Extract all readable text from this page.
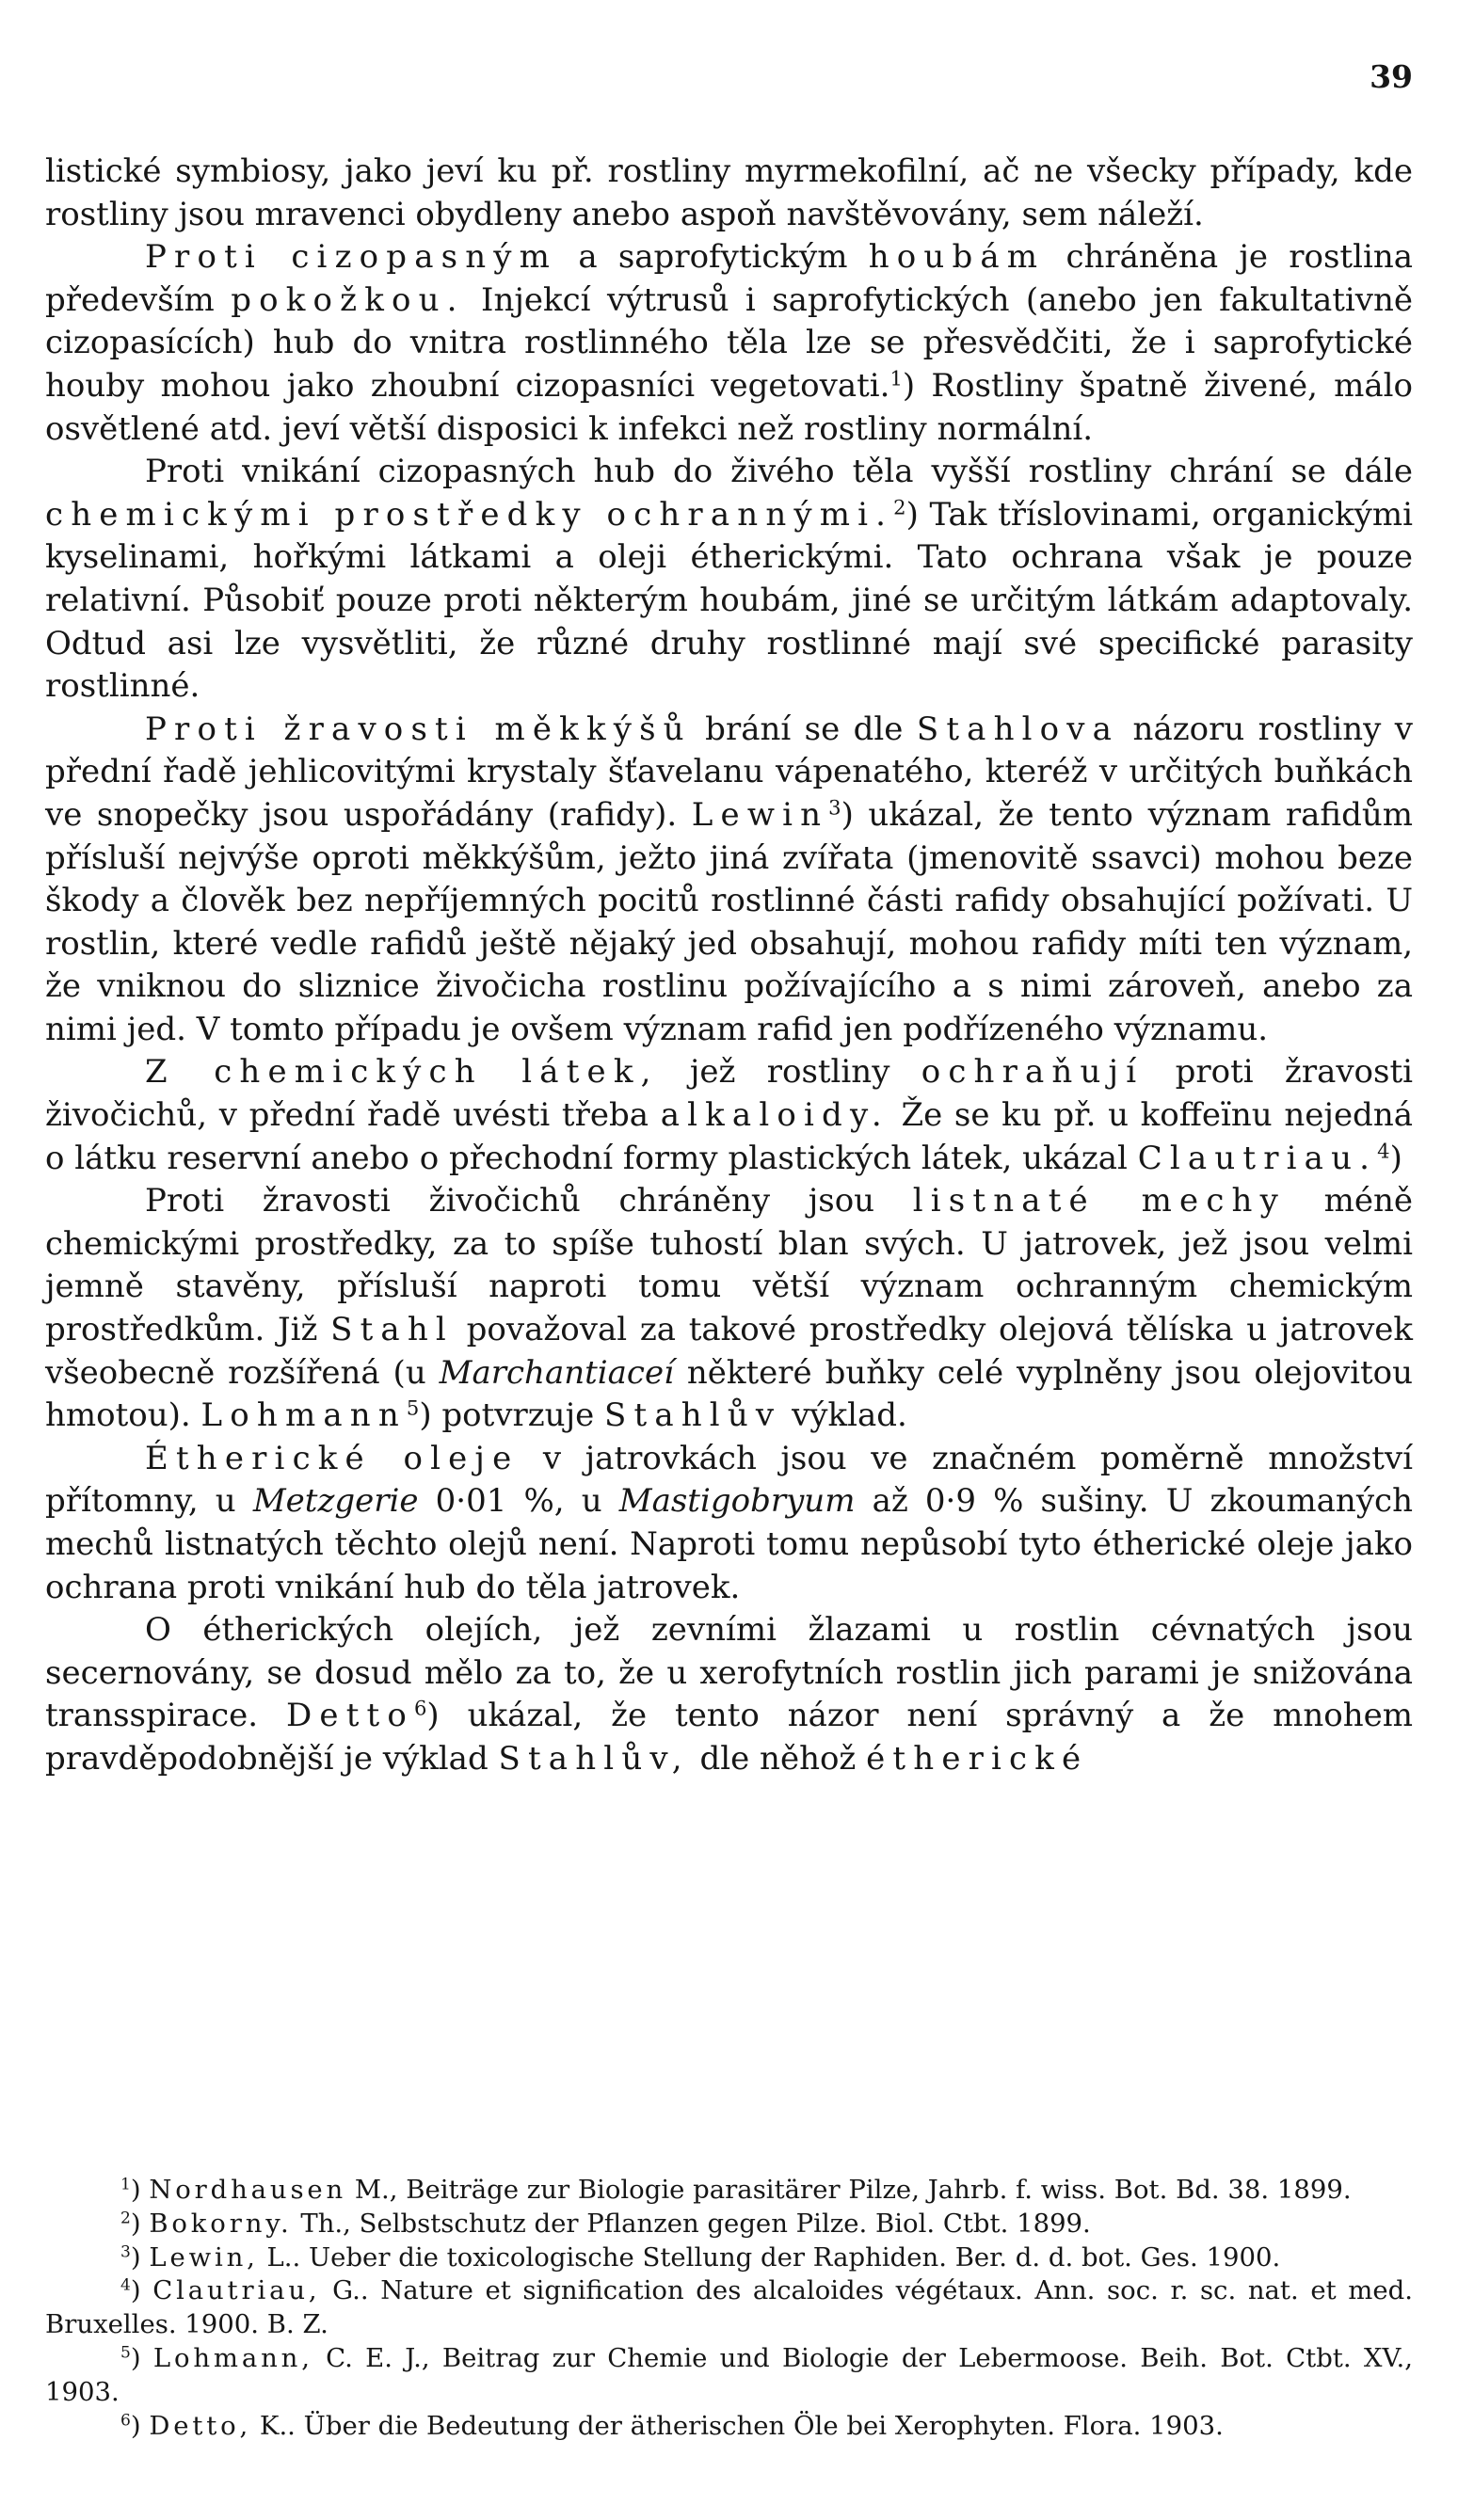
39

listické symbiosy, jako jeví ku př. rostliny myrmekofilní, ač ne všecky případy, kde rostliny jsou mravenci obydleny anebo aspoň navštěvovány, sem náleží.

Proti cizopasným a saprofytickým houbám chráněna je rostlina především pokožkou. Injekcí výtrusů i saprofytických (anebo jen fakultativně cizopasících) hub do vnitra rostlinného těla lze se přesvědčiti, že i saprofytické houby mohou jako zhoubní cizopasníci vegetovati.$^1$) Rostliny špatně živené, málo osvětlené atd. jeví větší disposici k infekci než rostliny normální.

Proti vnikání cizopasných hub do živého těla vyšší rostliny chrání se dále chemickými prostředky ochrannými.$^2$) Tak tříslovinami, organickými kyselinami, hořkými látkami a oleji étherickými. Tato ochrana však je pouze relativní. Působiť pouze proti některým houbám, jiné se určitým látkám adaptovaly. Odtud asi lze vysvětliti, že různé druhy rostlinné mají své specifické parasity rostlinné.

Proti žravosti měkkýšů brání se dle Stahlova názoru rostliny v přední řadě jehlicovitými krystaly šťavelanu vápenatého, kteréž v určitých buňkách ve snopečky jsou uspořádány (rafidy). Lewin$^3$) ukázal, že tento význam rafidům přísluší nejvýše oproti měkkýšům, ježto jiná zvířata (jmenovitě ssavci) mohou beze škody a člověk bez nepříjemných pocitů rostlinné části rafidy obsahující požívati. U rostlin, které vedle rafidů ještě nějaký jed obsahují, mohou rafidy míti ten význam, že vniknou do sliznice živočicha rostlinu požívajícího a s nimi zároveň, anebo za nimi jed. V tomto případu je ovšem význam rafid jen podřízeného významu.

Z chemických látek, jež rostliny ochraňují proti žravosti živočichů, v přední řadě uvésti třeba alkaloidy. Že se ku př. u koffeïnu nejedná o látku reservní anebo o přechodní formy plastických látek, ukázal Clautriau.$^4$)

Proti žravosti živočichů chráněny jsou listnaté mechy méně chemickými prostředky, za to spíše tuhostí blan svých. U jatrovek, jež jsou velmi jemně stavěny, přísluší naproti tomu větší význam ochranným chemickým prostředkům. Již Stahl považoval za takové prostředky olejová tělíska u jatrovek všeobecně rozšířená (u Marchantiaceí některé buňky celé vyplněny jsou olejovitou hmotou). Lohmann$^5$) potvrzuje Stahlův výklad.

Étherické oleje v jatrovkách jsou ve značném poměrně množství přítomny, u Metzgerie 0·01 %, u Mastigobryum až 0·9 % sušiny. U zkoumaných mechů listnatých těchto olejů není. Naproti tomu nepůsobí tyto étherické oleje jako ochrana proti vnikání hub do těla jatrovek.

O étherických olejích, jež zevními žlazami u rostlin cévnatých jsou secernovány, se dosud mělo za to, že u xerofytních rostlin jich parami je snižována transspirace. Detto$^6$) ukázal, že tento názor není správný a že mnohem pravděpodobnější je výklad Stahlův, dle něhož étherické

$^1$) Nordhausen M., Beiträge zur Biologie parasitärer Pilze, Jahrb. f. wiss. Bot. Bd. 38. 1899.

$^2$) Bokorny. Th., Selbstschutz der Pflanzen gegen Pilze. Biol. Ctbt. 1899.

$^3$) Lewin, L.. Ueber die toxicologische Stellung der Raphiden. Ber. d. d. bot. Ges. 1900.

$^4$) Clautriau, G.. Nature et signification des alcaloides végétaux. Ann. soc. r. sc. nat. et med. Bruxelles. 1900. B. Z.

$^5$) Lohmann, C. E. J., Beitrag zur Chemie und Biologie der Lebermoose. Beih. Bot. Ctbt. XV., 1903.

$^6$) Detto, K.. Über die Bedeutung der ätherischen Öle bei Xerophyten. Flora. 1903.
